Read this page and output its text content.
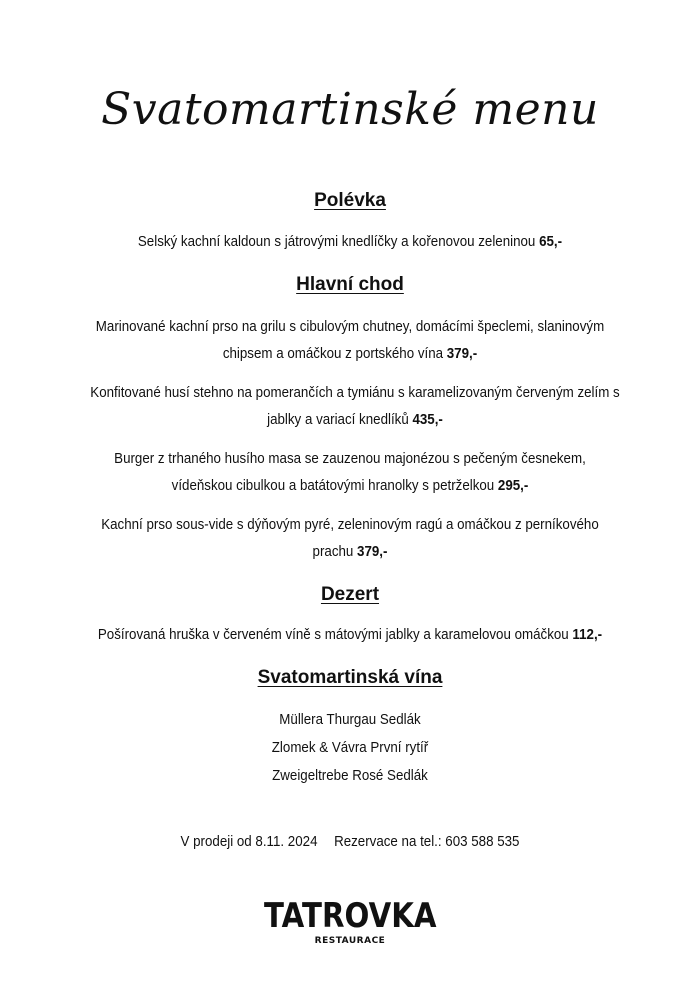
Svatomartinské menu
Polévka
Selský kachní kaldoun s játrovými knedlíčky a kořenovou zeleninou 65,-
Hlavní chod
Marinované kachní prso na grilu s cibulovým chutney, domácími špeclemi, slaninovým chipsem a omáčkou z portského vína 379,-
Konfitované husí stehno na pomerančích a tymiánu s karamelizovaným červeným zelím s jablky a variací knedlíků 435,-
Burger z trhaného husího masa se zauzenou majonézou s pečeným česnekem, vídeňskou cibulkou a batátovými hranolky s petrželkou 295,-
Kachní prso sous-vide s dýňovým pyré, zeleninovým ragú a omáčkou z perníkového prachu 379,-
Dezert
Pošírovaná hruška v červeném víně s mátovými jablky a karamelovou omáčkou 112,-
Svatomartinská vína
Müllera Thurgau Sedlák
Zlomek & Vávra První rytíř
Zweigeltrebe Rosé Sedlák
V prodeji od 8.11. 2024 Rezervace na tel.: 603 588 535
TATROVKA
RESTAURACE
